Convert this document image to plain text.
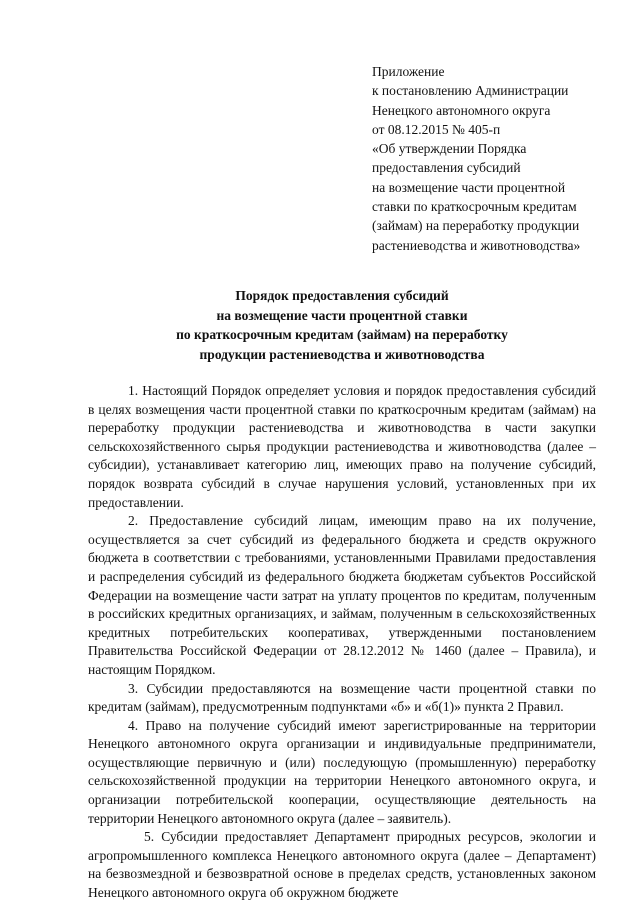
Приложение
к постановлению Администрации
Ненецкого автономного округа
от 08.12.2015 № 405-п
«Об утверждении Порядка
предоставления субсидий
на возмещение части процентной
ставки по краткосрочным кредитам
(займам) на переработку продукции
растениеводства и животноводства»
Порядок предоставления субсидий
на возмещение части процентной ставки
по краткосрочным кредитам (займам) на переработку
продукции растениеводства и животноводства

1. Настоящий Порядок определяет условия и порядок предоставления субсидий в целях возмещения части процентной ставки по краткосрочным кредитам (займам) на переработку продукции растениеводства и животноводства в части закупки сельскохозяйственного сырья продукции растениеводства и животноводства (далее – субсидии), устанавливает категорию лиц, имеющих право на получение субсидий, порядок возврата субсидий в случае нарушения условий, установленных при их предоставлении.

2. Предоставление субсидий лицам, имеющим право на их получение, осуществляется за счет субсидий из федерального бюджета и средств окружного бюджета в соответствии с требованиями, установленными Правилами предоставления и распределения субсидий из федерального бюджета бюджетам субъектов Российской Федерации на возмещение части затрат на уплату процентов по кредитам, полученным в российских кредитных организациях, и займам, полученным в сельскохозяйственных кредитных потребительских кооперативах, утвержденными постановлением Правительства Российской Федерации от 28.12.2012 № 1460 (далее – Правила), и настоящим Порядком.

3. Субсидии предоставляются на возмещение части процентной ставки по кредитам (займам), предусмотренным подпунктами «б» и «б(1)» пункта 2 Правил.

4. Право на получение субсидий имеют зарегистрированные на территории Ненецкого автономного округа организации и индивидуальные предприниматели, осуществляющие первичную и (или) последующую (промышленную) переработку сельскохозяйственной продукции на территории Ненецкого автономного округа, и организации потребительской кооперации, осуществляющие деятельность на территории Ненецкого автономного округа (далее – заявитель).

5. Субсидии предоставляет Департамент природных ресурсов, экологии и агропромышленного комплекса Ненецкого автономного округа (далее – Департамент) на безвозмездной и безвозвратной основе в пределах средств, установленных законом Ненецкого автономного округа об окружном бюджете
